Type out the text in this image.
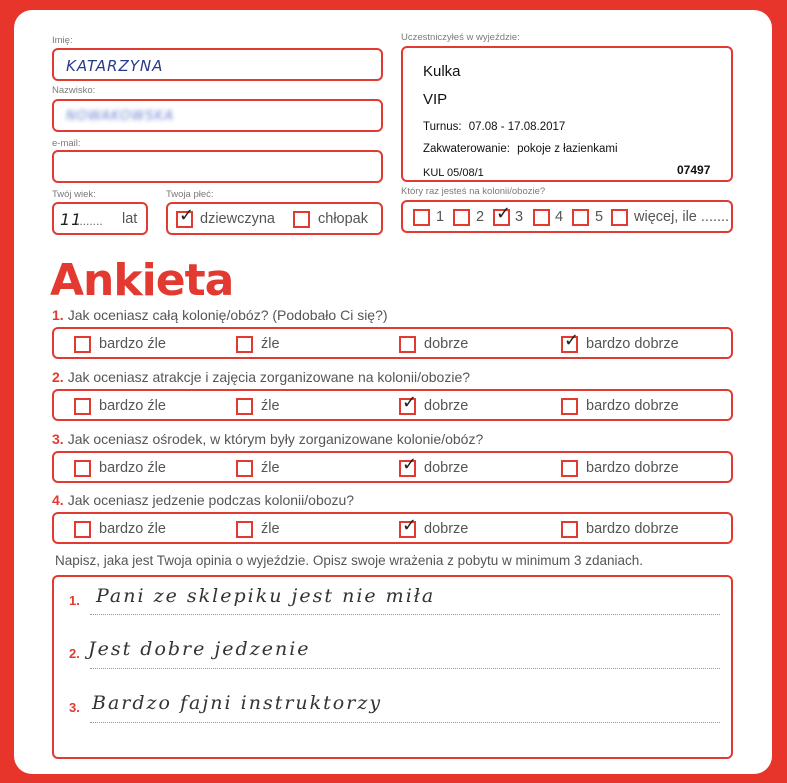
Imię:
KATARZYNA
Nazwisko:
NOWAKOWSKA
e-mail:
Twój wiek:
11
........ lat
Twoja płeć:
✓ dziewczyna	chłopak
Uczestniczyłeś w wyjeździe:
Kulka
VIP
Turnus: 07.08 - 17.08.2017
Zakwaterowanie: pokoje z łazienkami
KUL 05/08/1	07497
Który raz jesteś na kolonii/obozie?
1 2 ✓ 3 4 5 więcej, ile .......
Ankieta
1. Jak oceniasz całą kolonię/obóz? (Podobało Ci się?)
bardzo źle	źle	dobrze	✓ bardzo dobrze
2. Jak oceniasz atrakcje i zajęcia zorganizowane na kolonii/obozie?
bardzo źle	źle	✓ dobrze	bardzo dobrze
3. Jak oceniasz ośrodek, w którym były zorganizowane kolonie/obóz?
bardzo źle	źle	✓ dobrze	bardzo dobrze
4. Jak oceniasz jedzenie podczas kolonii/obozu?
bardzo źle	źle	✓ dobrze	bardzo dobrze
Napisz, jaka jest Twoja opinia o wyjeździe. Opisz swoje wrażenia z pobytu w minimum 3 zdaniach.
1. Pani ze sklepiku jest nie miła
2. Jest dobre jedzenie
3. Bardzo fajni instruktorzy
